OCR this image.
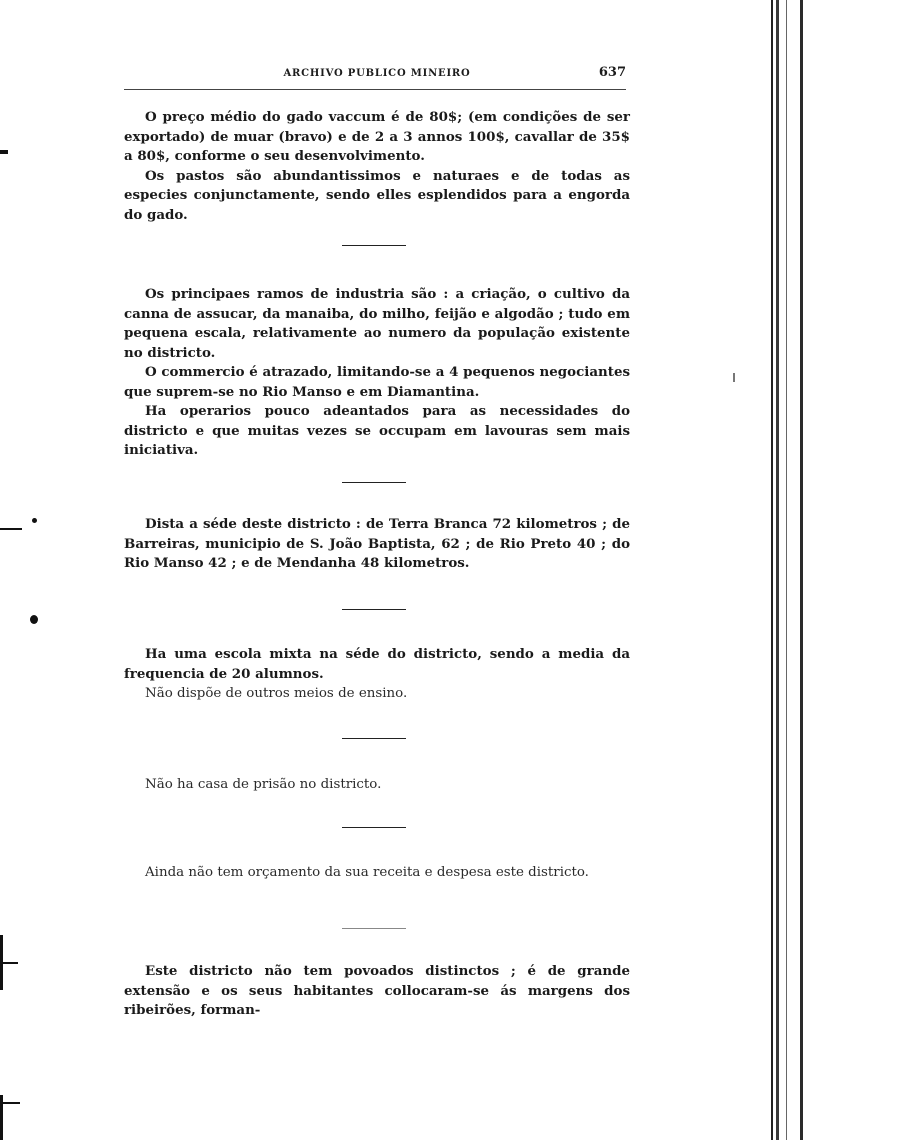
ARCHIVO PUBLICO MINEIRO	637

O preço médio do gado vaccum é de 80$; (em condições de ser exportado) de muar (bravo) e de 2 a 3 annos 100$, cavallar de 35$ a 80$, conforme o seu desenvolvimento.

Os pastos são abundantissimos e naturaes e de todas as especies conjunctamente, sendo elles esplendidos para a engorda do gado.

Os principaes ramos de industria são : a criação, o cultivo da canna de assucar, da manaiba, do milho, feijão e algodão ; tudo em pequena escala, relativamente ao numero da população existente no districto.

O commercio é atrazado, limitando-se a 4 pequenos negociantes que suprem-se no Rio Manso e em Diamantina.

Ha operarios pouco adeantados para as necessidades do districto e que muitas vezes se occupam em lavouras sem mais iniciativa.

Dista a séde deste districto : de Terra Branca 72 kilometros ; de Barreiras, municipio de S. João Baptista, 62 ; de Rio Preto 40 ; do Rio Manso 42 ; e de Mendanha 48 kilometros.

Ha uma escola mixta na séde do districto, sendo a media da frequencia de 20 alumnos.

Não dispõe de outros meios de ensino.

Não ha casa de prisão no districto.

Ainda não tem orçamento da sua receita e despesa este districto.

Este districto não tem povoados distinctos ; é de grande extensão e os seus habitantes collocaram-se ás margens dos ribeirões, forman-
